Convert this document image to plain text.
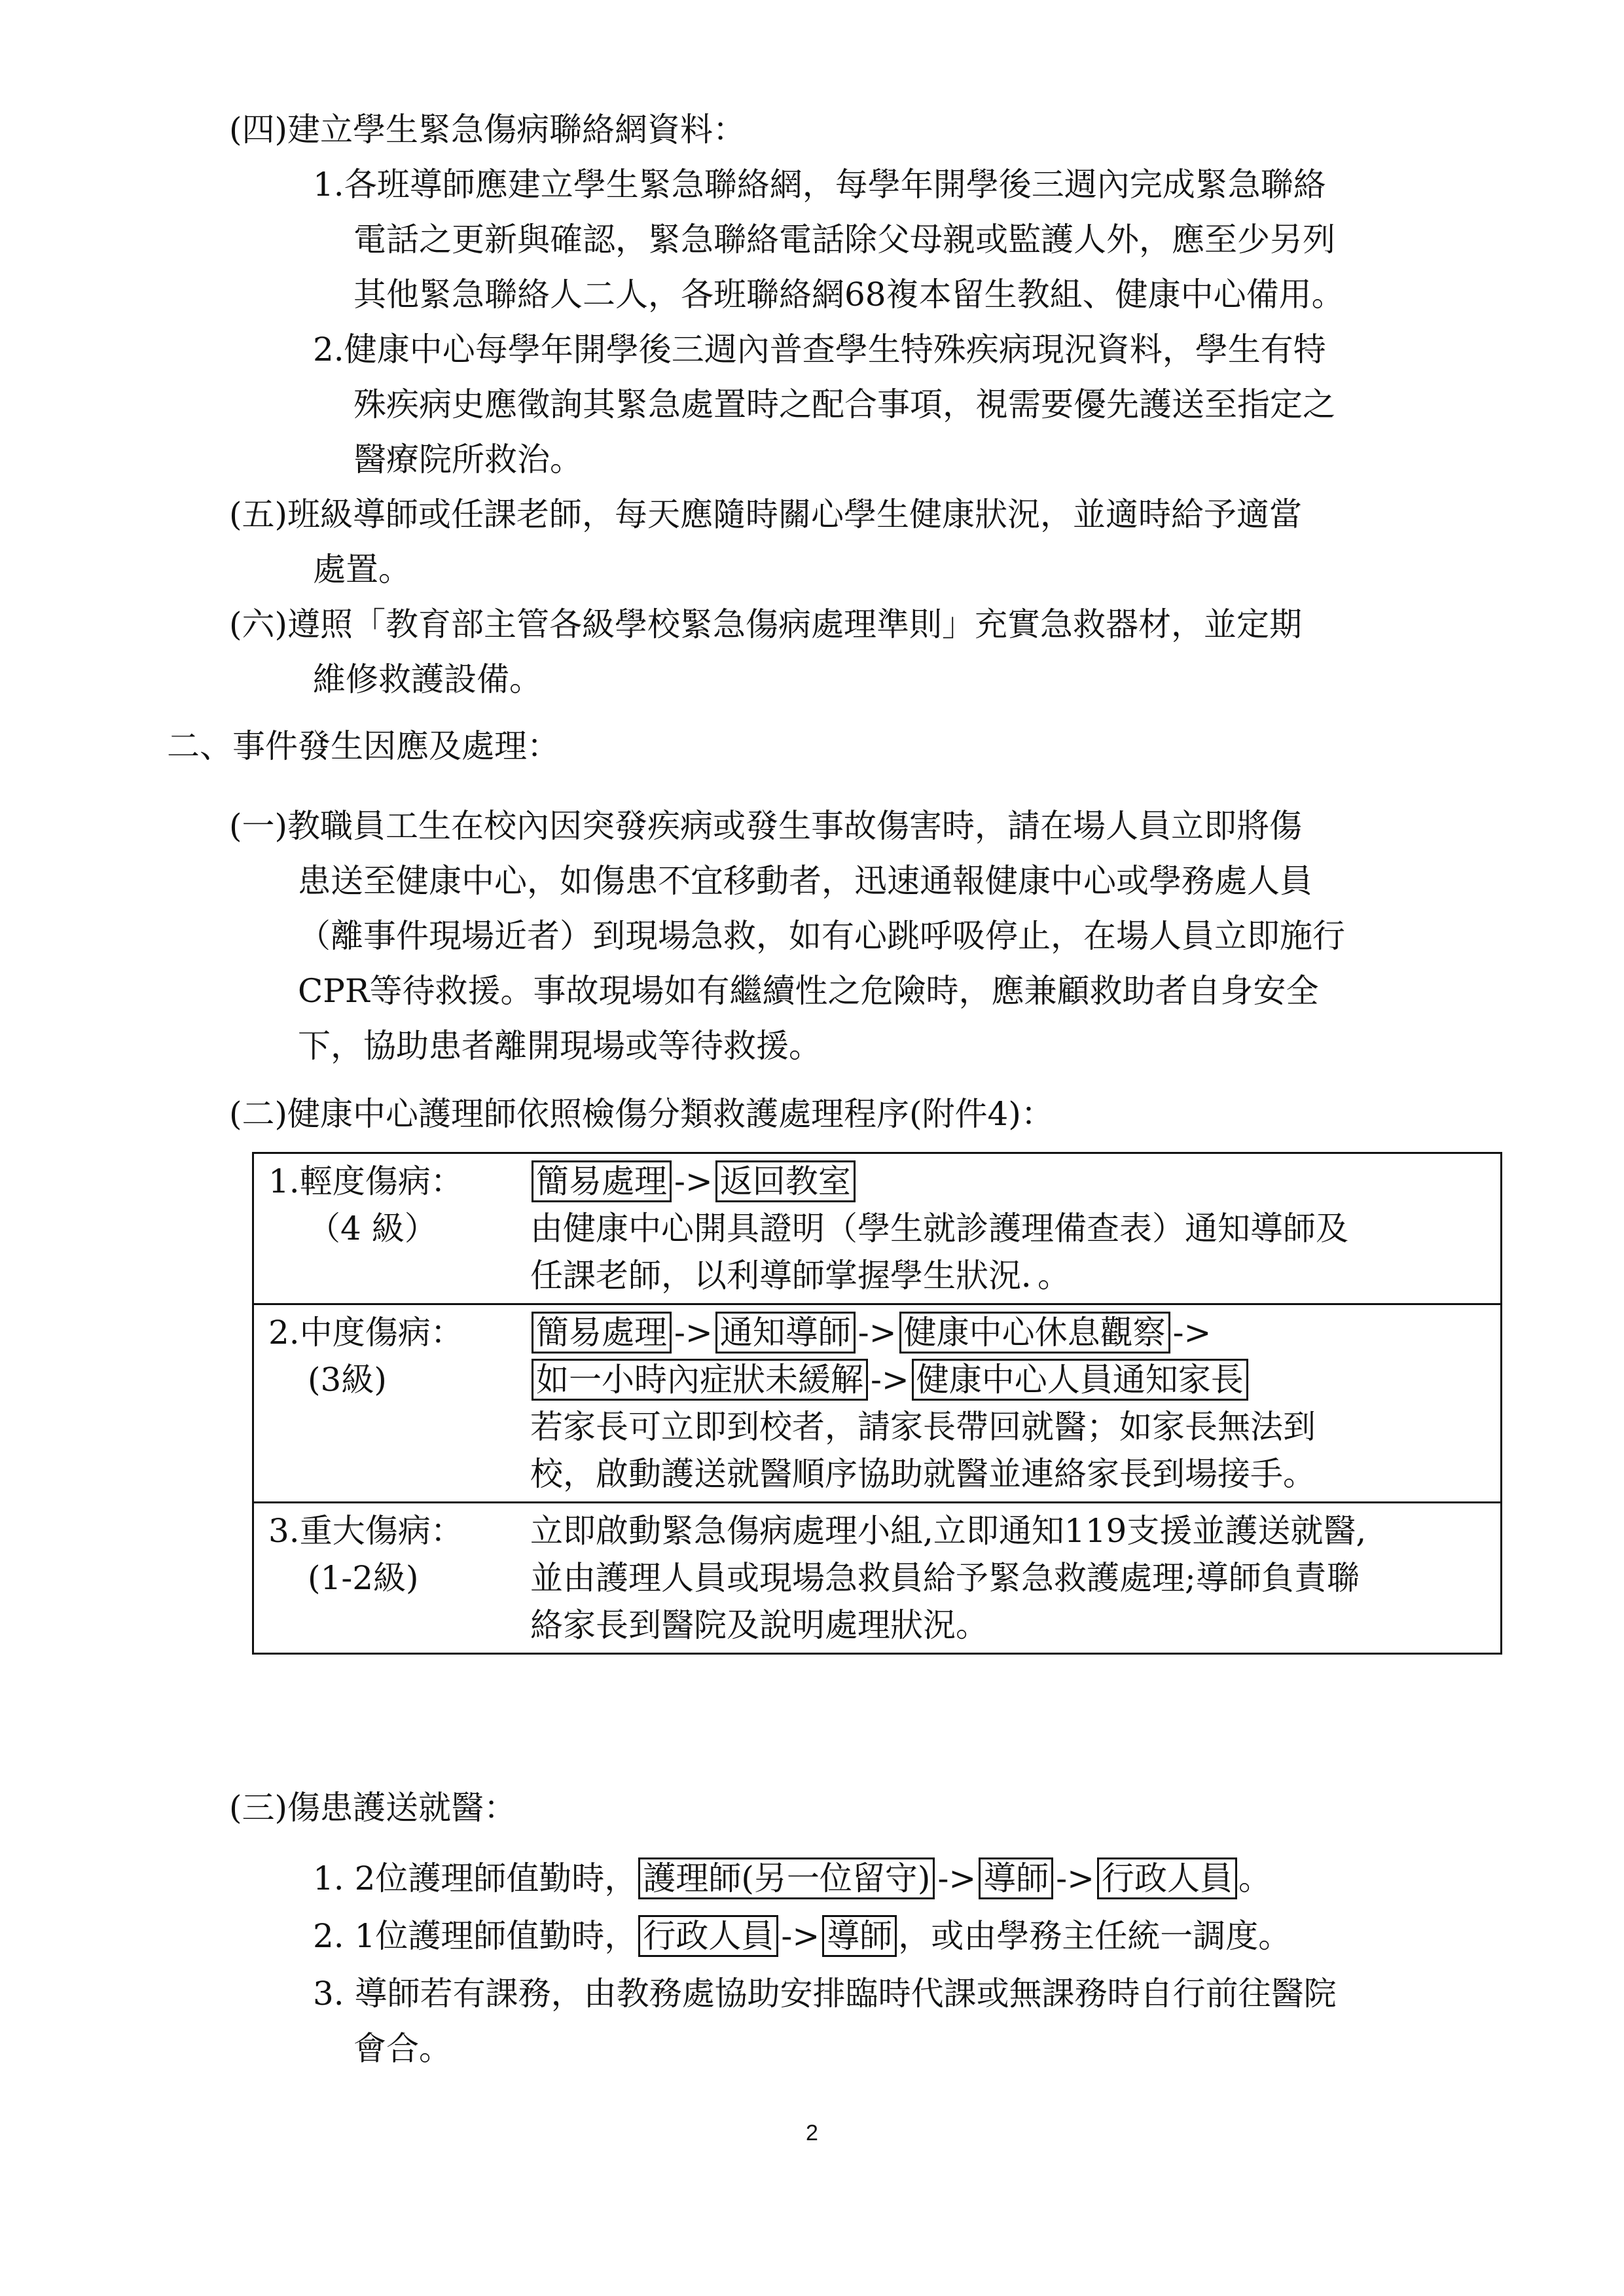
(四)建立學生緊急傷病聯絡網資料：
1.各班導師應建立學生緊急聯絡網，每學年開學後三週內完成緊急聯絡
電話之更新與確認，緊急聯絡電話除父母親或監護人外，應至少另列
其他緊急聯絡人二人，各班聯絡網68複本留生教組、健康中心備用。
2.健康中心每學年開學後三週內普查學生特殊疾病現況資料，學生有特
殊疾病史應徵詢其緊急處置時之配合事項，視需要優先護送至指定之
醫療院所救治。
(五)班級導師或任課老師，每天應隨時關心學生健康狀況，並適時給予適當
處置。
(六)遵照「教育部主管各級學校緊急傷病處理準則」充實急救器材，並定期
維修救護設備。
二、事件發生因應及處理：
(一)教職員工生在校內因突發疾病或發生事故傷害時，請在場人員立即將傷
患送至健康中心，如傷患不宜移動者，迅速通報健康中心或學務處人員
（離事件現場近者）到現場急救，如有心跳呼吸停止，在場人員立即施行
CPR等待救援。事故現場如有繼續性之危險時，應兼顧救助者自身安全
下，協助患者離開現場或等待救援。
(二)健康中心護理師依照檢傷分類救護處理程序(附件4)：
1.輕度傷病：
（4 級）	簡易處理 -> 返回教室
由健康中心開具證明（學生就診護理備查表）通知導師及
任課老師，以利導師掌握學生狀況．。

2.中度傷病：
(3級)	簡易處理 -> 通知導師 -> 健康中心休息觀察 ->
如一小時內症狀未緩解 -> 健康中心人員通知家長
若家長可立即到校者，請家長帶回就醫；如家長無法到
校，啟動護送就醫順序協助就醫並連絡家長到場接手。

3.重大傷病：
(1-2級)	立即啟動緊急傷病處理小組,立即通知119支援並護送就醫,
並由護理人員或現場急救員給予緊急救護處理;導師負責聯
絡家長到醫院及說明處理狀況。
(三)傷患護送就醫：
1. 2位護理師值勤時， 護理師(另一位留守) -> 導師 -> 行政人員 。
2. 1位護理師值勤時， 行政人員 -> 導師 ，或由學務主任統一調度。
3. 導師若有課務，由教務處協助安排臨時代課或無課務時自行前往醫院
會合。
2
